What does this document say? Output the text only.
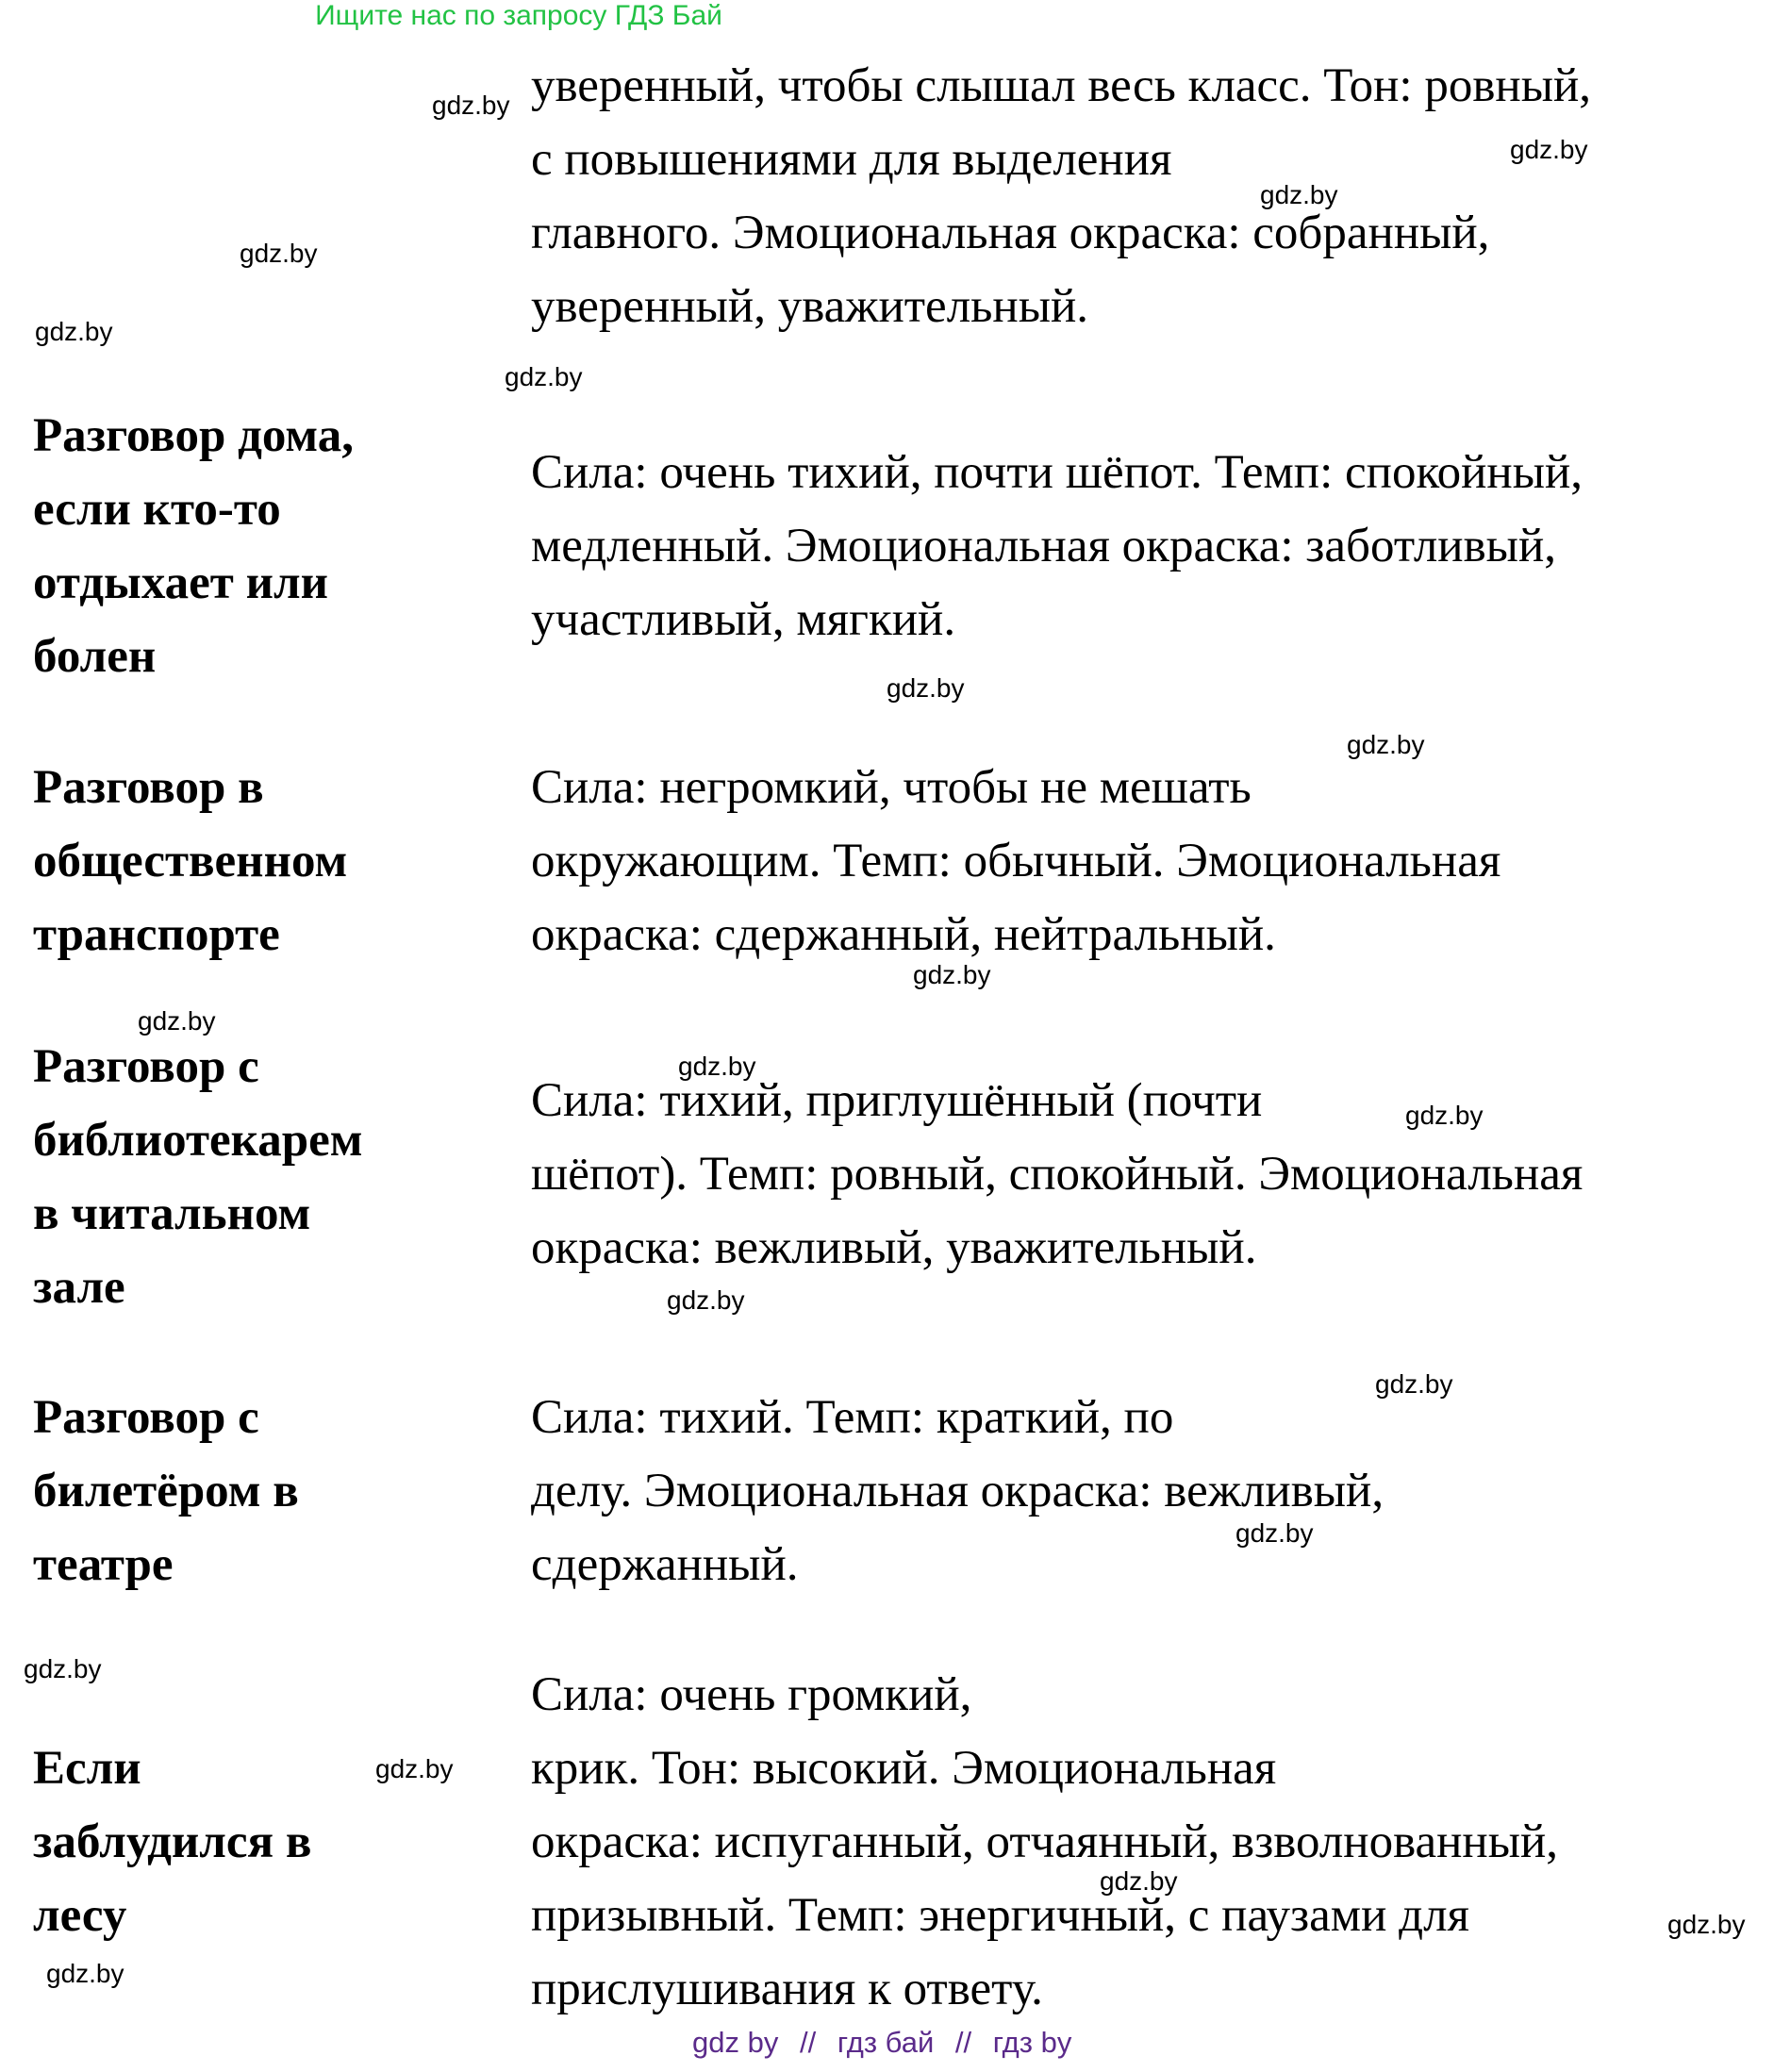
Ищите нас по запросу ГДЗ Бай
уверенный, чтобы слышал весь класс. Тон: ровный,
с повышениями для выделения
главного. Эмоциональная окраска: собранный,
уверенный, уважительный.
Разговор дома,
если кто-то
отдыхает или
болен
Сила: очень тихий, почти шёпот. Темп: спокойный,
медленный. Эмоциональная окраска: заботливый,
участливый, мягкий.
Разговор в
общественном
транспорте
Сила: негромкий, чтобы не мешать
окружающим. Темп: обычный. Эмоциональная
окраска: сдержанный, нейтральный.
Разговор с
библиотекарем
в читальном
зале
Сила: тихий, приглушённый (почти
шёпот). Темп: ровный, спокойный. Эмоциональная
окраска: вежливый, уважительный.
Разговор с
билетёром в
театре
Сила: тихий. Темп: краткий, по
делу. Эмоциональная окраска: вежливый,
сдержанный.
Если
заблудился в
лесу
Сила: очень громкий,
крик. Тон: высокий. Эмоциональная
окраска: испуганный, отчаянный, взволнованный,
призывный. Темп: энергичный, с паузами для
прислушивания к ответу.
gdz.by
gdz.by
gdz.by
gdz.by
gdz.by
gdz.by
gdz.by
gdz.by
gdz.by
gdz.by
gdz.by
gdz.by
gdz.by
gdz.by
gdz.by
gdz.by
gdz.by
gdz.by
gdz.by
gdz.by
gdz by // гдз бай // гдз by
